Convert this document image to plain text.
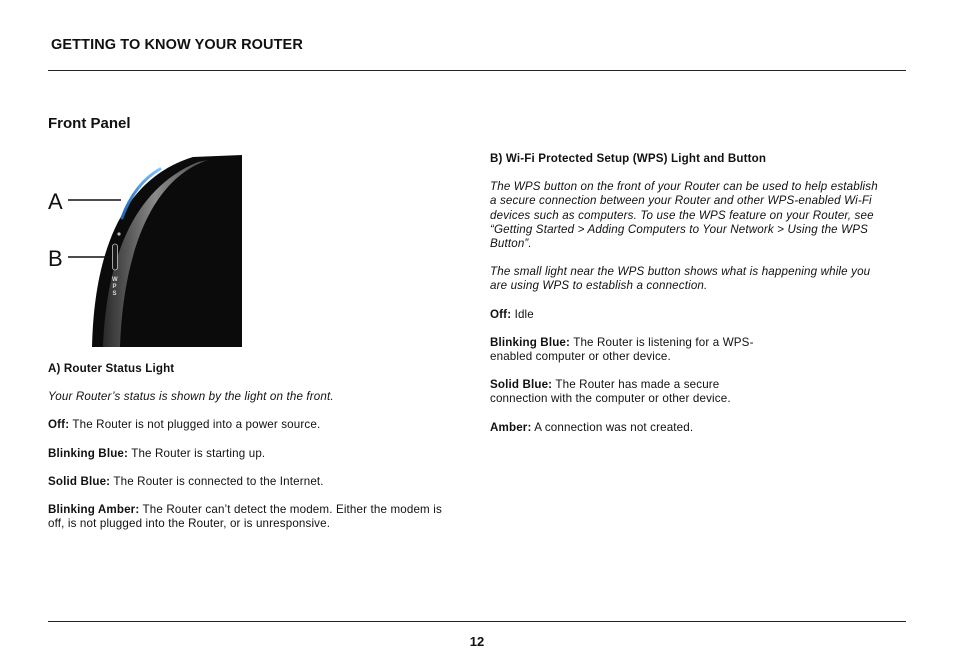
GETTING TO KNOW YOUR ROUTER
Front Panel
W
P
S
A
B

A) Router Status Light

Your Router’s status is shown by the light on the front.

Off: The Router is not plugged into a power source.

Blinking Blue: The Router is starting up.

Solid Blue: The Router is connected to the Internet.

Blinking Amber: The Router can’t detect the modem. Either the modem is off, is not plugged into the Router, or is unresponsive.

B) Wi-Fi Protected Setup (WPS) Light and Button

The WPS button on the front of your Router can be used to help establish a secure connection between your Router and other WPS-enabled Wi-Fi devices such as computers. To use the WPS feature on your Router, see “Getting Started > Adding Computers to Your Network > Using the WPS Button”.

The small light near the WPS button shows what is happening while you are using WPS to establish a connection.

Off: Idle

Blinking Blue: The Router is listening for a WPS-enabled computer or other device.

Solid Blue: The Router has made a secure connection with the computer or other device.

Amber: A connection was not created.

12
